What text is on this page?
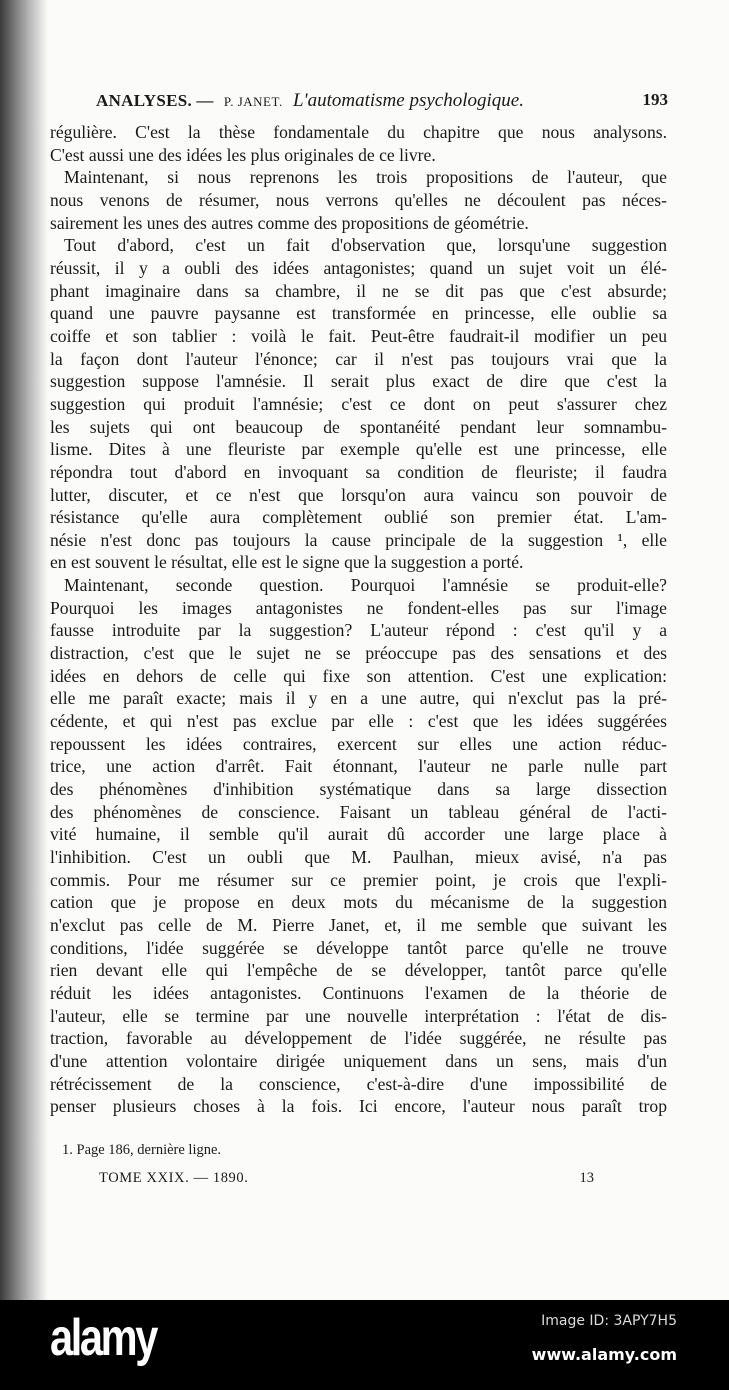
ANALYSES. — P. JANET. L'automatisme psychologique.	193
régulière. C'est la thèse fondamentale du chapitre que nous analysons.
C'est aussi une des idées les plus originales de ce livre.
Maintenant, si nous reprenons les trois propositions de l'auteur, que
nous venons de résumer, nous verrons qu'elles ne découlent pas néces-
sairement les unes des autres comme des propositions de géométrie.
Tout d'abord, c'est un fait d'observation que, lorsqu'une suggestion
réussit, il y a oubli des idées antagonistes; quand un sujet voit un élé-
phant imaginaire dans sa chambre, il ne se dit pas que c'est absurde;
quand une pauvre paysanne est transformée en princesse, elle oublie sa
coiffe et son tablier : voilà le fait. Peut-être faudrait-il modifier un peu
la façon dont l'auteur l'énonce; car il n'est pas toujours vrai que la
suggestion suppose l'amnésie. Il serait plus exact de dire que c'est la
suggestion qui produit l'amnésie; c'est ce dont on peut s'assurer chez
les sujets qui ont beaucoup de spontanéité pendant leur somnambu-
lisme. Dites à une fleuriste par exemple qu'elle est une princesse, elle
répondra tout d'abord en invoquant sa condition de fleuriste; il faudra
lutter, discuter, et ce n'est que lorsqu'on aura vaincu son pouvoir de
résistance qu'elle aura complètement oublié son premier état. L'am-
nésie n'est donc pas toujours la cause principale de la suggestion ¹, elle
en est souvent le résultat, elle est le signe que la suggestion a porté.
Maintenant, seconde question. Pourquoi l'amnésie se produit-elle?
Pourquoi les images antagonistes ne fondent-elles pas sur l'image
fausse introduite par la suggestion? L'auteur répond : c'est qu'il y a
distraction, c'est que le sujet ne se préoccupe pas des sensations et des
idées en dehors de celle qui fixe son attention. C'est une explication:
elle me paraît exacte; mais il y en a une autre, qui n'exclut pas la pré-
cédente, et qui n'est pas exclue par elle : c'est que les idées suggérées
repoussent les idées contraires, exercent sur elles une action réduc-
trice, une action d'arrêt. Fait étonnant, l'auteur ne parle nulle part
des phénomènes d'inhibition systématique dans sa large dissection
des phénomènes de conscience. Faisant un tableau général de l'acti-
vité humaine, il semble qu'il aurait dû accorder une large place à
l'inhibition. C'est un oubli que M. Paulhan, mieux avisé, n'a pas
commis. Pour me résumer sur ce premier point, je crois que l'expli-
cation que je propose en deux mots du mécanisme de la suggestion
n'exclut pas celle de M. Pierre Janet, et, il me semble que suivant les
conditions, l'idée suggérée se développe tantôt parce qu'elle ne trouve
rien devant elle qui l'empêche de se développer, tantôt parce qu'elle
réduit les idées antagonistes. Continuons l'examen de la théorie de
l'auteur, elle se termine par une nouvelle interprétation : l'état de dis-
traction, favorable au développement de l'idée suggérée, ne résulte pas
d'une attention volontaire dirigée uniquement dans un sens, mais d'un
rétrécissement de la conscience, c'est-à-dire d'une impossibilité de
penser plusieurs choses à la fois. Ici encore, l'auteur nous paraît trop
1. Page 186, dernière ligne.
TOME XXIX. — 1890.	13
alamy	Image ID: 3APY7H5
www.alamy.com
